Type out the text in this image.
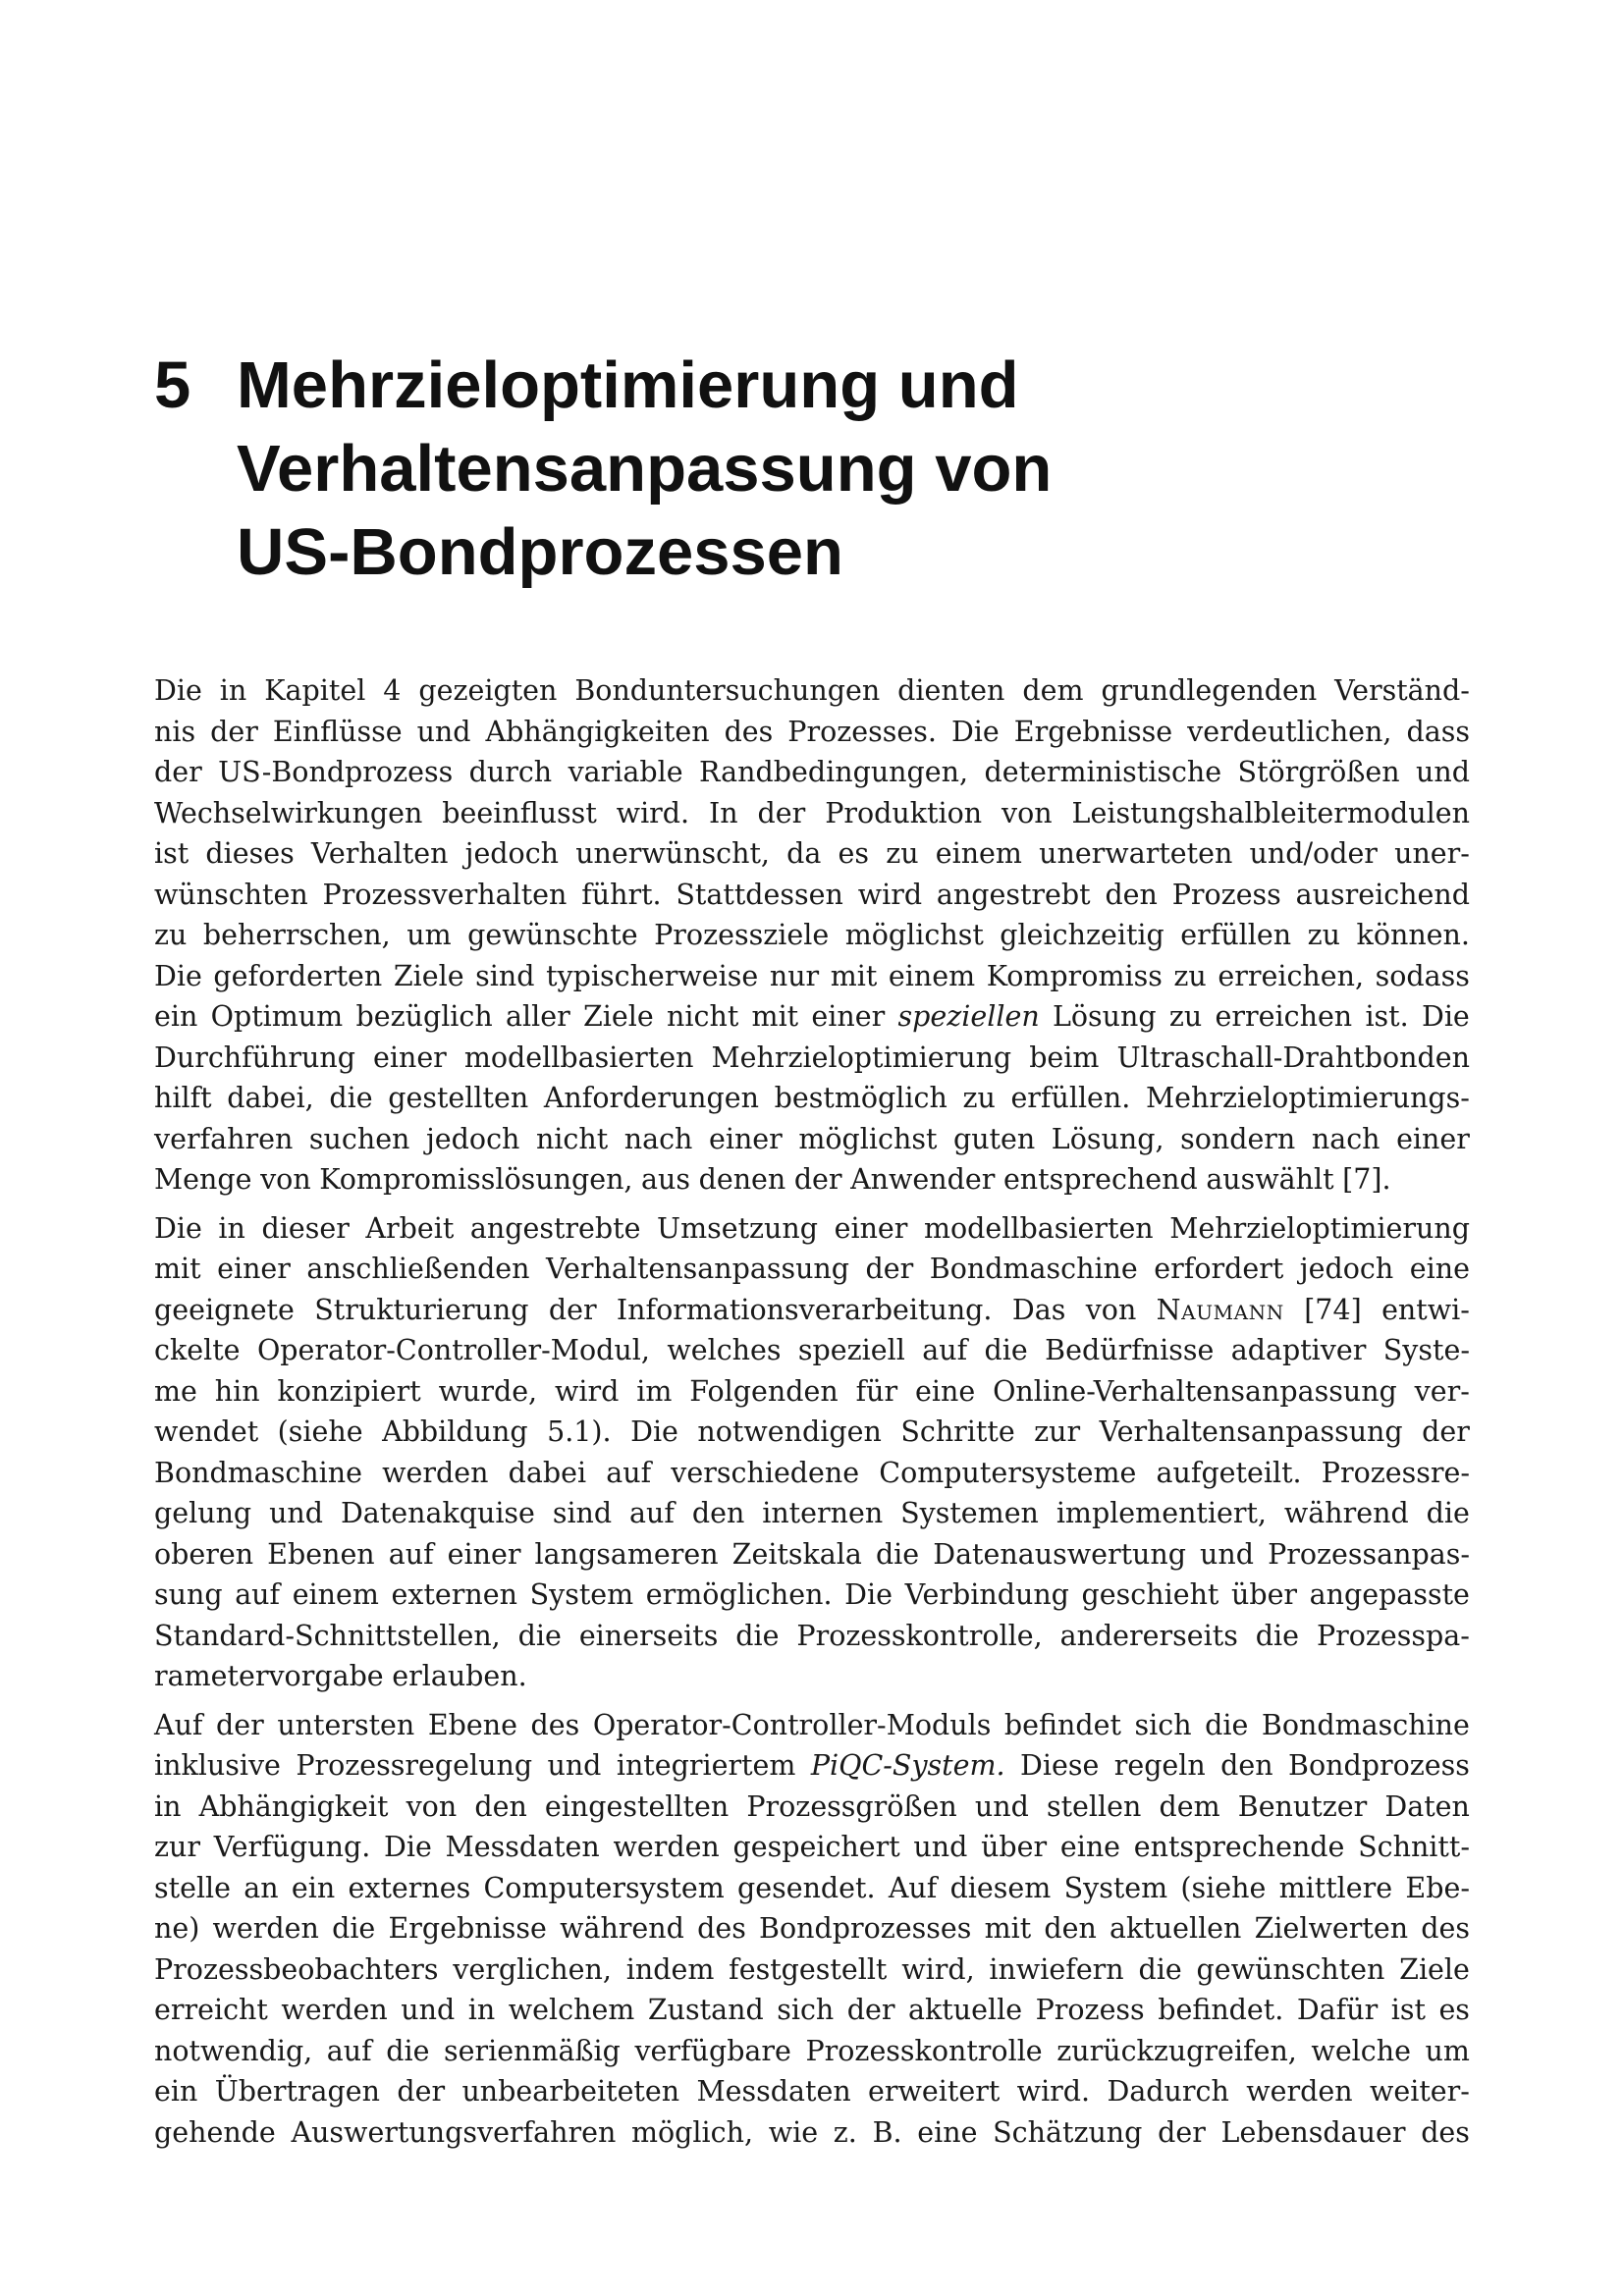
5 Mehrzieloptimierung und
Verhaltensanpassung von
US-Bondprozessen
Die in Kapitel 4 gezeigten Bonduntersuchungen dienten dem grundlegenden Verständ-
nis der Einflüsse und Abhängigkeiten des Prozesses. Die Ergebnisse verdeutlichen, dass
der US-Bondprozess durch variable Randbedingungen, deterministische Störgrößen und
Wechselwirkungen beeinflusst wird. In der Produktion von Leistungshalbleitermodulen
ist dieses Verhalten jedoch unerwünscht, da es zu einem unerwarteten und/oder uner-
wünschten Prozessverhalten führt. Stattdessen wird angestrebt den Prozess ausreichend
zu beherrschen, um gewünschte Prozessziele möglichst gleichzeitig erfüllen zu können.
Die geforderten Ziele sind typischerweise nur mit einem Kompromiss zu erreichen, sodass
ein Optimum bezüglich aller Ziele nicht mit einer speziellen Lösung zu erreichen ist. Die
Durchführung einer modellbasierten Mehrzieloptimierung beim Ultraschall-Drahtbonden
hilft dabei, die gestellten Anforderungen bestmöglich zu erfüllen. Mehrzieloptimierungs-
verfahren suchen jedoch nicht nach einer möglichst guten Lösung, sondern nach einer
Menge von Kompromisslösungen, aus denen der Anwender entsprechend auswählt [7].
Die in dieser Arbeit angestrebte Umsetzung einer modellbasierten Mehrzieloptimierung
mit einer anschließenden Verhaltensanpassung der Bondmaschine erfordert jedoch eine
geeignete Strukturierung der Informationsverarbeitung. Das von Naumann [74] entwi-
ckelte Operator-Controller-Modul, welches speziell auf die Bedürfnisse adaptiver Syste-
me hin konzipiert wurde, wird im Folgenden für eine Online-Verhaltensanpassung ver-
wendet (siehe Abbildung 5.1). Die notwendigen Schritte zur Verhaltensanpassung der
Bondmaschine werden dabei auf verschiedene Computersysteme aufgeteilt. Prozessre-
gelung und Datenakquise sind auf den internen Systemen implementiert, während die
oberen Ebenen auf einer langsameren Zeitskala die Datenauswertung und Prozessanpas-
sung auf einem externen System ermöglichen. Die Verbindung geschieht über angepasste
Standard-Schnittstellen, die einerseits die Prozesskontrolle, andererseits die Prozesspa-
rametervorgabe erlauben.
Auf der untersten Ebene des Operator-Controller-Moduls befindet sich die Bondmaschine
inklusive Prozessregelung und integriertem PiQC-System. Diese regeln den Bondprozess
in Abhängigkeit von den eingestellten Prozessgrößen und stellen dem Benutzer Daten
zur Verfügung. Die Messdaten werden gespeichert und über eine entsprechende Schnitt-
stelle an ein externes Computersystem gesendet. Auf diesem System (siehe mittlere Ebe-
ne) werden die Ergebnisse während des Bondprozesses mit den aktuellen Zielwerten des
Prozessbeobachters verglichen, indem festgestellt wird, inwiefern die gewünschten Ziele
erreicht werden und in welchem Zustand sich der aktuelle Prozess befindet. Dafür ist es
notwendig, auf die serienmäßig verfügbare Prozesskontrolle zurückzugreifen, welche um
ein Übertragen der unbearbeiteten Messdaten erweitert wird. Dadurch werden weiter-
gehende Auswertungsverfahren möglich, wie z. B. eine Schätzung der Lebensdauer des
